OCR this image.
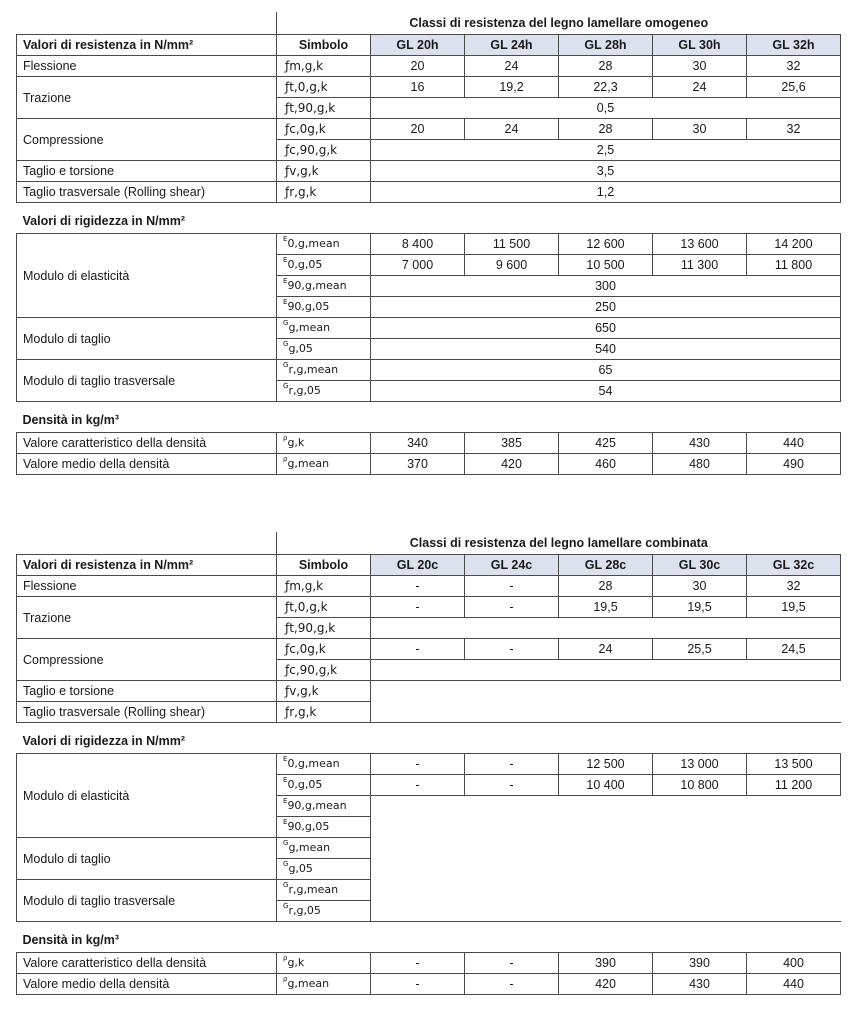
	Classi di resistenza del legno lamellare omogeneo					
Valori di resistenza in N/mm²	Simbolo	GL 20h	GL 24h	GL 28h	GL 30h	GL 32h
Flessione	ƒm,g,k	20	24	28	30	32
Trazione	ƒt,0,g,k	16	19,2	22,3	24	25,6
	ƒt,90,g,k	0,5				
Compressione	ƒc,0g,k	20	24	28	30	32
	ƒc,90,g,k	2,5				
Taglio e torsione	ƒv,g,k	3,5				
Taglio trasversale (Rolling shear)	ƒr,g,k	1,2				
Valori di rigidezza in N/mm²						
Modulo di elasticità	$^E$0,g,mean	8 400	11 500	12 600	13 600	14 200
	$^E$0,g,05	7 000	9 600	10 500	11 300	11 800
	$^E$90,g,mean	300				
	$^E$90,g,05	250				
Modulo di taglio	$^G$g,mean	650				
	$^G$g,05	540				
Modulo di taglio trasversale	$^G$r,g,mean	65				
	$^G$r,g,05	54				
Densità in kg/m³						
Valore caratteristico della densità	$^\rho$g,k	340	385	425	430	440
Valore medio della densità	$^\rho$g,mean	370	420	460	480	490
	Classi di resistenza del legno lamellare combinata					
Valori di resistenza in N/mm²	Simbolo	GL 20c	GL 24c	GL 28c	GL 30c	GL 32c
Flessione	ƒm,g,k	-	-	28	30	32
Trazione	ƒt,0,g,k	-	-	19,5	19,5	19,5
	ƒt,90,g,k					
Compressione	ƒc,0g,k	-	-	24	25,5	24,5
	ƒc,90,g,k					
Taglio e torsione	ƒv,g,k					
Taglio trasversale (Rolling shear)	ƒr,g,k					
Valori di rigidezza in N/mm²						
Modulo di elasticità	$^E$0,g,mean	-	-	12 500	13 000	13 500
	$^E$0,g,05	-	-	10 400	10 800	11 200
	$^E$90,g,mean					
	$^E$90,g,05					
Modulo di taglio	$^G$g,mean					
	$^G$g,05					
Modulo di taglio trasversale	$^G$r,g,mean					
	$^G$r,g,05					
Densità in kg/m³						
Valore caratteristico della densità	$^\rho$g,k	-	-	390	390	400
Valore medio della densità	$^\rho$g,mean	-	-	420	430	440
